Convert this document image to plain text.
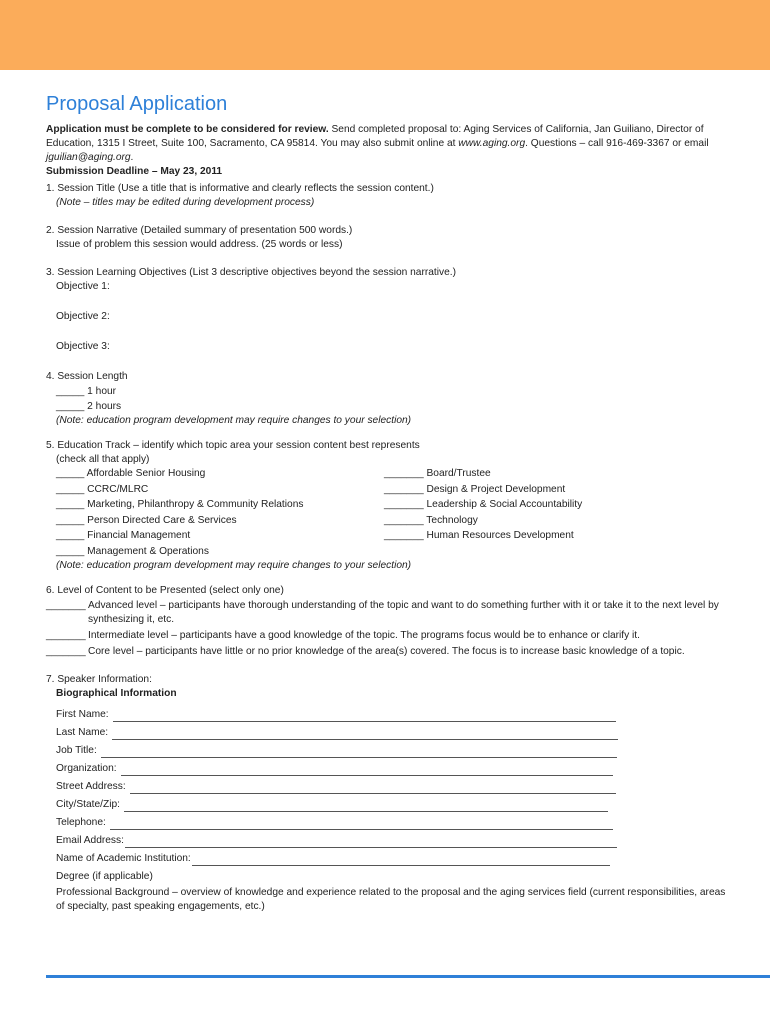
Proposal Application

Application must be complete to be considered for review. Send completed proposal to: Aging Services of California, Jan Guiliano, Director of Education, 1315 I Street, Suite 100, Sacramento, CA 95814. You may also submit online at www.aging.org. Questions – call 916-469-3367 or email jguilian@aging.org.

Submission Deadline – May 23, 2011

1. Session Title (Use a title that is informative and clearly reflects the session content.)

(Note – titles may be edited during development process)

2. Session Narrative (Detailed summary of presentation 500 words.)

Issue of problem this session would address. (25 words or less)

3. Session Learning Objectives (List 3 descriptive objectives beyond the session narrative.)

Objective 1:

Objective 2:

Objective 3:

4. Session Length

_____ 1 hour

_____ 2 hours

(Note: education program development may require changes to your selection)

5. Education Track – identify which topic area your session content best represents

(check all that apply)

_____ Affordable Senior Housing

_____ CCRC/MLRC

_____ Marketing, Philanthropy & Community Relations

_____ Person Directed Care & Services

_____ Financial Management

_____ Management & Operations

_______ Board/Trustee

_______ Design & Project Development

_______ Leadership & Social Accountability

_______ Technology

_______ Human Resources Development

(Note: education program development may require changes to your selection)

6. Level of Content to be Presented (select only one)

_______ Advanced level – participants have thorough understanding of the topic and want to do something further with it or take it to the next level by synthesizing it, etc.
_______ Intermediate level – participants have a good knowledge of the topic. The programs focus would be to enhance or clarify it.
_______ Core level – participants have little or no prior knowledge of the area(s) covered. The focus is to increase basic knowledge of a topic.

7. Speaker Information:

Biographical Information

First Name:
Last Name:
Job Title:
Organization:
Street Address:
City/State/Zip:
Telephone:
Email Address:
Name of Academic Institution:

Degree (if applicable)

Professional Background – overview of knowledge and experience related to the proposal and the aging services field (current responsibilities, areas of specialty, past speaking engagements, etc.)
